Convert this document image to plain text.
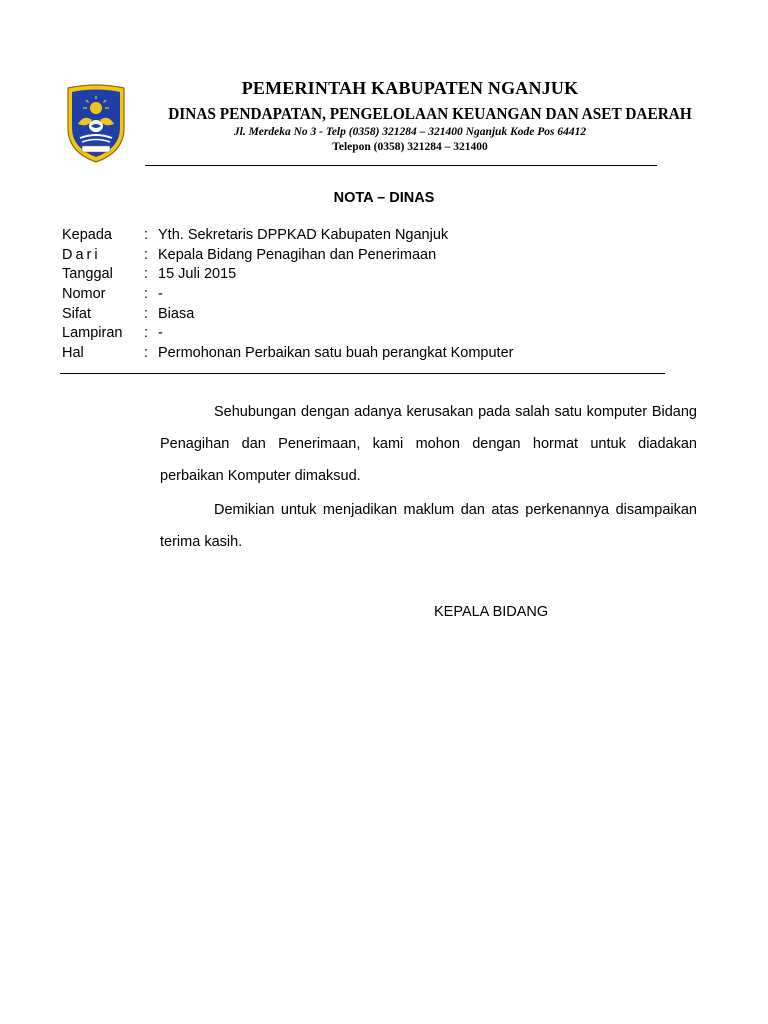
PEMERINTAH KABUPATEN NGANJUK
DINAS PENDAPATAN, PENGELOLAAN KEUANGAN DAN ASET DAERAH
Jl. Merdeka No 3 - Telp (0358) 321284 – 321400 Nganjuk Kode Pos 64412
Telepon (0358) 321284 – 321400
NOTA – DINAS
Kepada	: Yth. Sekretaris DPPKAD Kabupaten Nganjuk
Dari	: Kepala Bidang Penagihan dan Penerimaan
Tanggal	: 15 Juli 2015
Nomor	: -
Sifat	: Biasa
Lampiran	: -
Hal	: Permohonan Perbaikan satu buah perangkat Komputer
Sehubungan dengan adanya kerusakan pada salah satu komputer Bidang Penagihan dan Penerimaan, kami mohon dengan hormat untuk diadakan perbaikan Komputer dimaksud.
Demikian untuk menjadikan maklum dan atas perkenannya disampaikan terima kasih.
KEPALA BIDANG
